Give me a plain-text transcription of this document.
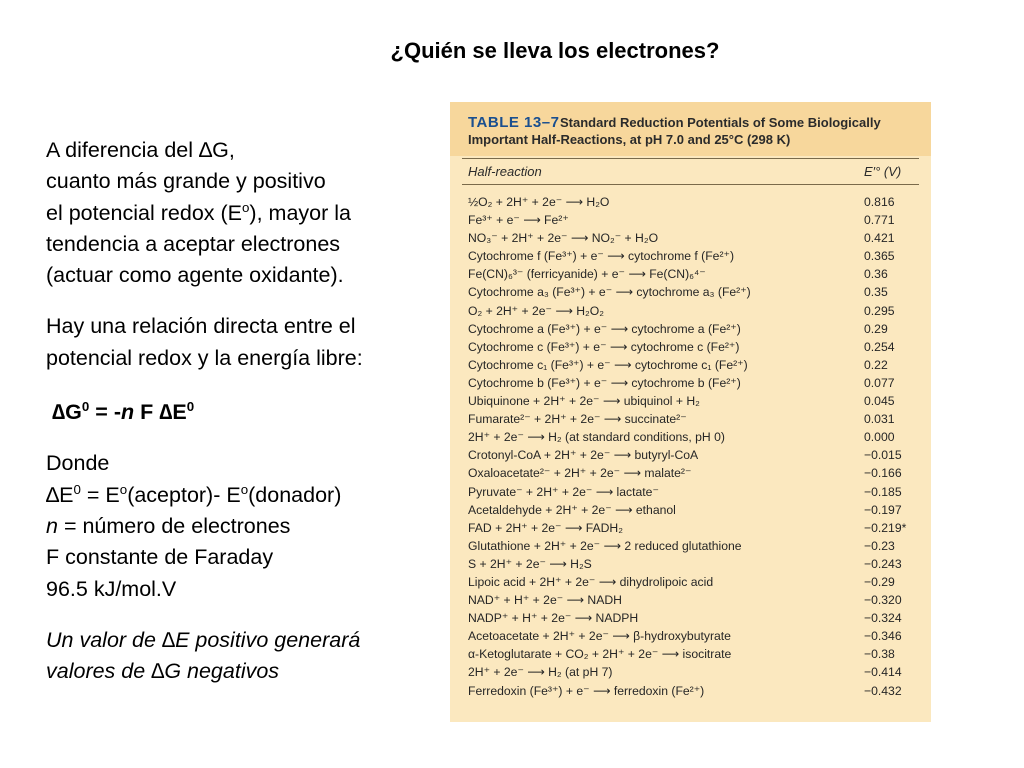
¿Quién se lleva los electrones?
A diferencia del ∆G,
cuanto más grande y positivo
el potencial redox $(E^o)$, mayor la
tendencia a aceptar electrones
(actuar como agente oxidante).
Hay una relación directa entre el
potencial redox y la energía libre:
$\Delta G^0 = -n$ F $\Delta E^0$
Donde
$\Delta E^0$ = $E^o(aceptor)-$ $E^o(donador)$
n = número de electrones
F constante de Faraday
96.5 kJ/mol.V
Un valor de ∆E positivo generará
valores de ∆G negativos
TABLE 13–7 Standard Reduction Potentials of Some Biologically
Important Half-Reactions, at pH 7.0 and 25°C (298 K)
Half-reaction	E′° (V)
½O₂ + 2H⁺ + 2e⁻ ⟶ H₂O	0.816
Fe³⁺ + e⁻ ⟶ Fe²⁺	0.771
NO₃⁻ + 2H⁺ + 2e⁻ ⟶ NO₂⁻ + H₂O	0.421
Cytochrome f (Fe³⁺) + e⁻ ⟶ cytochrome f (Fe²⁺)	0.365
Fe(CN)₆³⁻ (ferricyanide) + e⁻ ⟶ Fe(CN)₆⁴⁻	0.36
Cytochrome a₃ (Fe³⁺) + e⁻ ⟶ cytochrome a₃ (Fe²⁺)	0.35
O₂ + 2H⁺ + 2e⁻ ⟶ H₂O₂	0.295
Cytochrome a (Fe³⁺) + e⁻ ⟶ cytochrome a (Fe²⁺)	0.29
Cytochrome c (Fe³⁺) + e⁻ ⟶ cytochrome c (Fe²⁺)	0.254
Cytochrome c₁ (Fe³⁺) + e⁻ ⟶ cytochrome c₁ (Fe²⁺)	0.22
Cytochrome b (Fe³⁺) + e⁻ ⟶ cytochrome b (Fe²⁺)	0.077
Ubiquinone + 2H⁺ + 2e⁻ ⟶ ubiquinol + H₂	0.045
Fumarate²⁻ + 2H⁺ + 2e⁻ ⟶ succinate²⁻	0.031
2H⁺ + 2e⁻ ⟶ H₂ (at standard conditions, pH 0)	0.000
Crotonyl-CoA + 2H⁺ + 2e⁻ ⟶ butyryl-CoA	−0.015
Oxaloacetate²⁻ + 2H⁺ + 2e⁻ ⟶ malate²⁻	−0.166
Pyruvate⁻ + 2H⁺ + 2e⁻ ⟶ lactate⁻	−0.185
Acetaldehyde + 2H⁺ + 2e⁻ ⟶ ethanol	−0.197
FAD + 2H⁺ + 2e⁻ ⟶ FADH₂	−0.219*
Glutathione + 2H⁺ + 2e⁻ ⟶ 2 reduced glutathione	−0.23
S + 2H⁺ + 2e⁻ ⟶ H₂S	−0.243
Lipoic acid + 2H⁺ + 2e⁻ ⟶ dihydrolipoic acid	−0.29
NAD⁺ + H⁺ + 2e⁻ ⟶ NADH	−0.320
NADP⁺ + H⁺ + 2e⁻ ⟶ NADPH	−0.324
Acetoacetate + 2H⁺ + 2e⁻ ⟶ β-hydroxybutyrate	−0.346
α-Ketoglutarate + CO₂ + 2H⁺ + 2e⁻ ⟶ isocitrate	−0.38
2H⁺ + 2e⁻ ⟶ H₂ (at pH 7)	−0.414
Ferredoxin (Fe³⁺) + e⁻ ⟶ ferredoxin (Fe²⁺)	−0.432
